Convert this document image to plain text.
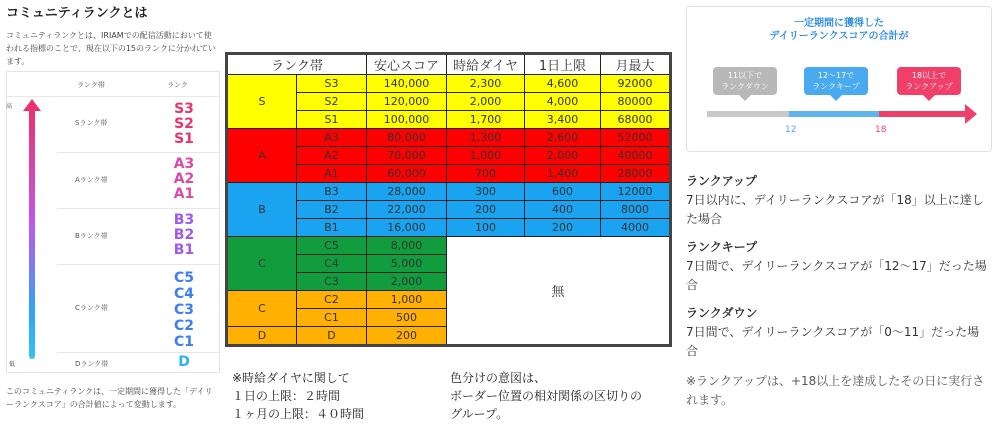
コミュニティランクとは
コミュニティランクとは、IRIAMでの配信活動において使われる指標のことで、現在以下の15のランクに分かれています。
ランク帯	ランク
高
低
Sランク帯
S3
S2
S1
Aランク帯
A3
A2
A1
Bランク帯
B3
B2
B1
Cランク帯
C5
C4
C3
C2
C1
Dランク帯	D
このコミュニティランクは、一定期間に獲得した「デイリーランクスコア」の合計値によって変動します。
ランク帯		安心スコア	時給ダイヤ	1日上限	月最大
S	S3	140,000	2,300	4,600	92000
	S2	120,000	2,000	4,000	80000
	S1	100,000	1,700	3,400	68000
A	A3	80,000	1,300	2,600	52000
	A2	70,000	1,000	2,000	40000
	A1	60,000	700	1,400	28000
B	B3	28,000	300	600	12000
	B2	22,000	200	400	8000
	B1	16,000	100	200	4000
C	C5	8,000	無		
	C4	5,000			
	C3	2,000			
C	C2	1,000			
	C1	500			
D	D	200			
※時給ダイヤに関して
１日の上限：２時間
１ヶ月の上限：４０時間
色分けの意図は、
ボーダー位置の相対関係の区切りの
グループ。
一定期間に獲得した
デイリーランクスコアの合計が
11以下で
ランクダウン
12〜17で
ランクキープ
18以上で
ランクアップ
12	18
ランクアップ
7日以内に、デイリーランクスコアが「18」以上に達した場合
ランクキープ
7日間で、デイリーランクスコアが「12〜17」だった場合
ランクダウン
7日間で、デイリーランクスコアが「0〜11」だった場合
※ランクアップは、+18以上を達成したその日に実行されます。
